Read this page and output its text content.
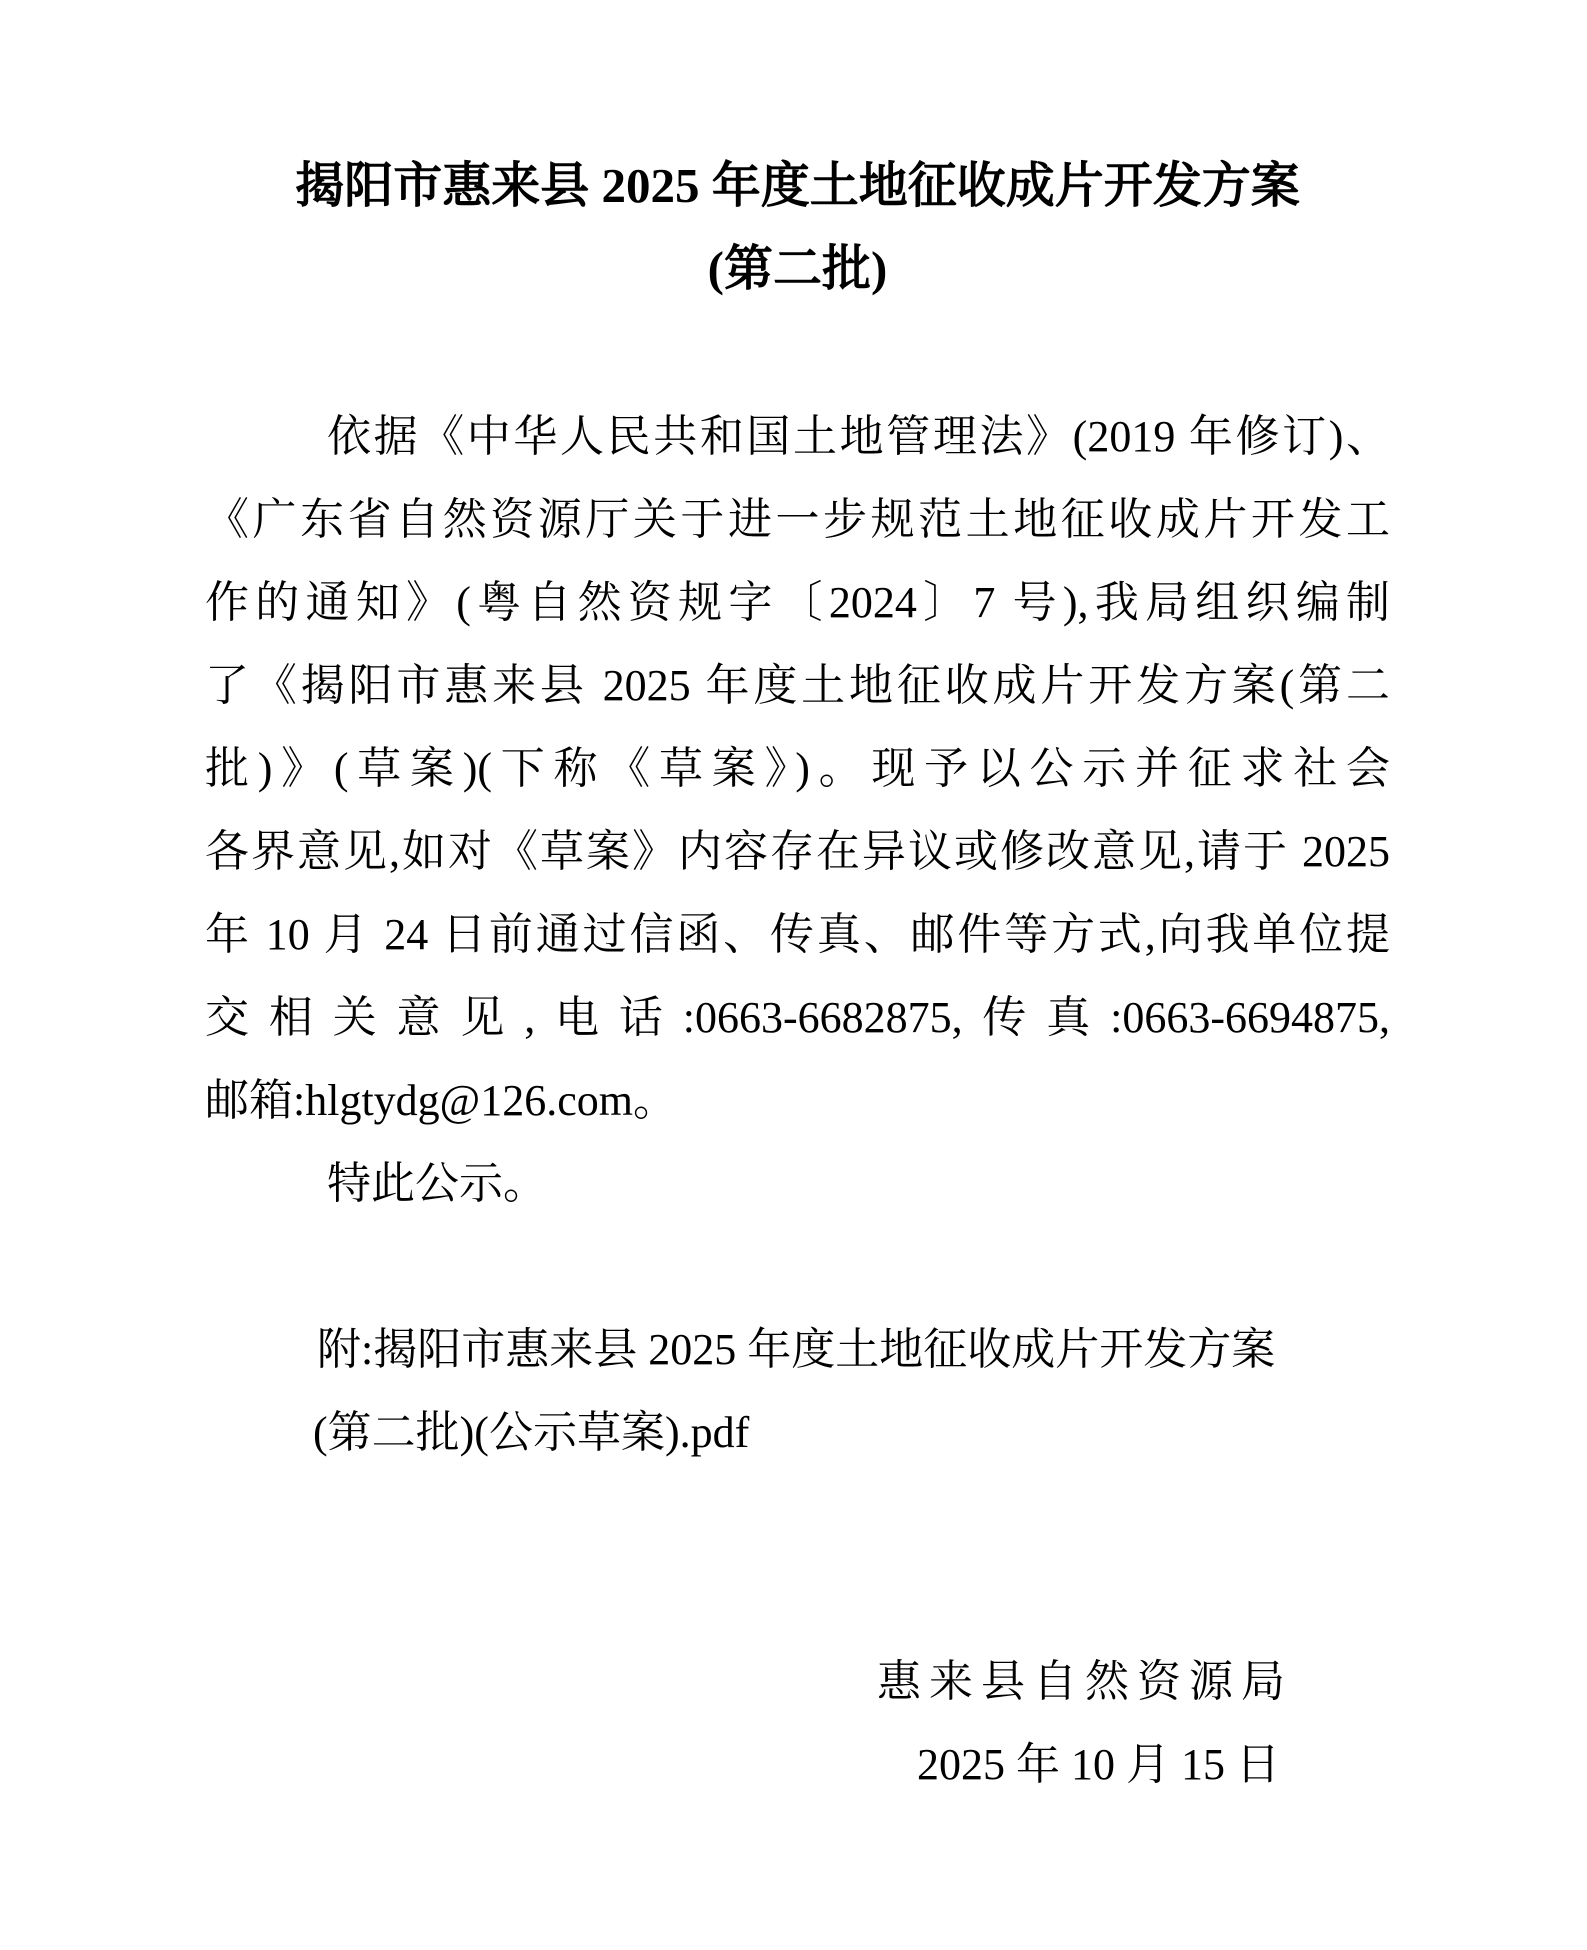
揭阳市惠来县 2025 年度土地征收成片开发方案
(第二批)
依据《中华人民共和国土地管理法》(2019 年修订)、
《广东省自然资源厅关于进一步规范土地征收成片开发工
作的通知》(粤自然资规字〔2024〕7 号),我局组织编制
了《揭阳市惠来县 2025 年度土地征收成片开发方案(第二
批)》(草案)(下称《草案》)。现予以公示并征求社会
各界意见,如对《草案》内容存在异议或修改意见,请于 2025
年 10 月 24 日前通过信函、传真、邮件等方式,向我单位提
交相关意见,电话:0663-6682875,传真:0663-6694875,
邮箱:hlgtydg@126.com。
特此公示。
附:揭阳市惠来县 2025 年度土地征收成片开发方案
(第二批)(公示草案).pdf
惠来县自然资源局
2025 年 10 月 15 日
